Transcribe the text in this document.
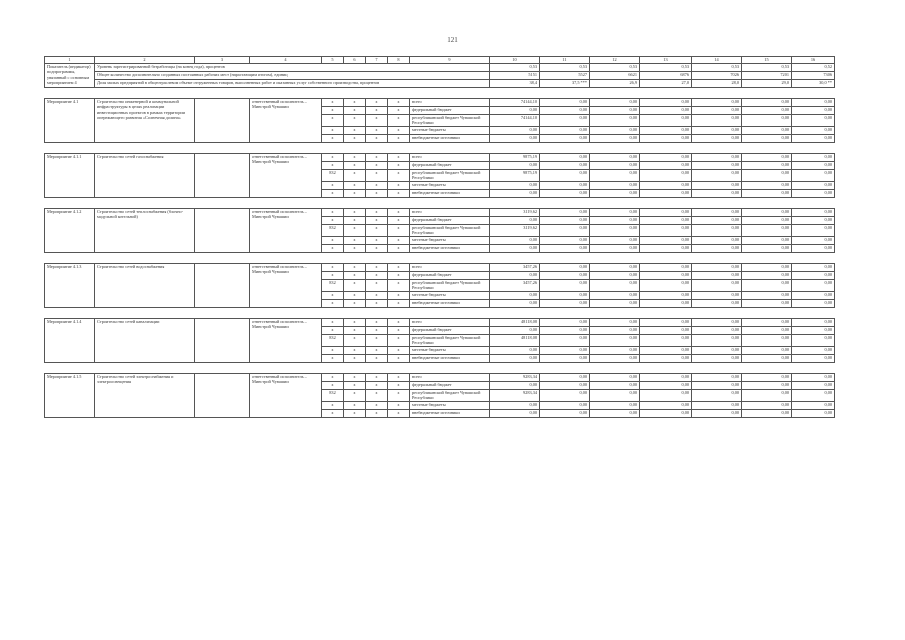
121
1	2	3	4	5	6	7	8	9	10	11	12	13	14	15	16
Показатель (индикатор) подпрограммы, увязанный с основным мероприятием 4	Уровень зарегистрированной безработицы (на конец года), процентов								0,53	0,53	0,53	0,53	0,53	0,53	0,52
	Общее количество дополнительно созданных постоянных рабочих мест (нарастающим итогом), единиц								5151	5527	6621	6876	7026	7201	7306
	Доля малых предприятий в общеотраслевом объеме отгруженных товаров, выполненных работ и оказанных услуг собственного производства, процентов								38,4	37,5 ***	26,9	27,0	28,0	29,0	30,0 **

Мероприятие 4.1	Строительство инженерной и коммунальной инфраструктуры в целях реализации инвестиционных проектов в рамках территории опережающего развития «Солнечная долина»		ответственный исполнитель – Минстрой Чувашии	x	x	x	x	всего	74144,10	0,00	0,00	0,00	0,00	0,00	0,00
				x	x	x	x	федеральный бюджет	0,00	0,00	0,00	0,00	0,00	0,00	0,00
				x	x	x	x	республиканский бюджет Чувашской Республики	74144,10	0,00	0,00	0,00	0,00	0,00	0,00
				x	x	x	x	местные бюджеты	0,00	0,00	0,00	0,00	0,00	0,00	0,00
				x	x	x	x	внебюджетные источники	0,00	0,00	0,00	0,00	0,00	0,00	0,00

Мероприятие 4.1.1	Строительство сетей газоснабжения		ответственный исполнитель – Минстрой Чувашии	x	x	x	x	всего	9875,19	0,00	0,00	0,00	0,00	0,00	0,00
				x	x	x	x	федеральный бюджет	0,00	0,00	0,00	0,00	0,00	0,00	0,00
				832	x	x	x	республиканский бюджет Чувашской Республики	9875,19	0,00	0,00	0,00	0,00	0,00	0,00
				x	x	x	x	местные бюджеты	0,00	0,00	0,00	0,00	0,00	0,00	0,00
				x	x	x	x	внебюджетные источники	0,00	0,00	0,00	0,00	0,00	0,00	0,00

Мероприятие 4.1.2	Строительство сетей теплоснабжения (блочно-модульной котельной)		ответственный исполнитель – Минстрой Чувашии	x	x	x	x	всего	3119,62	0,00	0,00	0,00	0,00	0,00	0,00
				x	x	x	x	федеральный бюджет	0,00	0,00	0,00	0,00	0,00	0,00	0,00
				832	x	x	x	республиканский бюджет Чувашской Республики	3119,62	0,00	0,00	0,00	0,00	0,00	0,00
				x	x	x	x	местные бюджеты	0,00	0,00	0,00	0,00	0,00	0,00	0,00
				x	x	x	x	внебюджетные источники	0,00	0,00	0,00	0,00	0,00	0,00	0,00

Мероприятие 4.1.3	Строительство сетей водоснабжения		ответственный исполнитель – Минстрой Чувашии	x	x	x	x	всего	3457,26	0,00	0,00	0,00	0,00	0,00	0,00
				x	x	x	x	федеральный бюджет	0,00	0,00	0,00	0,00	0,00	0,00	0,00
				832	x	x	x	республиканский бюджет Чувашской Республики	3457,26	0,00	0,00	0,00	0,00	0,00	0,00
				x	x	x	x	местные бюджеты	0,00	0,00	0,00	0,00	0,00	0,00	0,00
				x	x	x	x	внебюджетные источники	0,00	0,00	0,00	0,00	0,00	0,00	0,00

Мероприятие 4.1.4	Строительство сетей канализации		ответственный исполнитель – Минстрой Чувашии	x	x	x	x	всего	48118,08	0,00	0,00	0,00	0,00	0,00	0,00
				x	x	x	x	федеральный бюджет	0,00	0,00	0,00	0,00	0,00	0,00	0,00
				832	x	x	x	республиканский бюджет Чувашской Республики	48118,08	0,00	0,00	0,00	0,00	0,00	0,00
				x	x	x	x	местные бюджеты	0,00	0,00	0,00	0,00	0,00	0,00	0,00
				x	x	x	x	внебюджетные источники	0,00	0,00	0,00	0,00	0,00	0,00	0,00

Мероприятие 4.1.5	Строительство сетей электроснабжения и электроосвещения		ответственный исполнитель – Минстрой Чувашии	x	x	x	x	всего	9283,34	0,00	0,00	0,00	0,00	0,00	0,00
				x	x	x	x	федеральный бюджет	0,00	0,00	0,00	0,00	0,00	0,00	0,00
				832	x	x	x	республиканский бюджет Чувашской Республики	9283,34	0,00	0,00	0,00	0,00	0,00	0,00
				x	x	x	x	местные бюджеты	0,00	0,00	0,00	0,00	0,00	0,00	0,00
				x	x	x	x	внебюджетные источники	0,00	0,00	0,00	0,00	0,00	0,00	0,00
